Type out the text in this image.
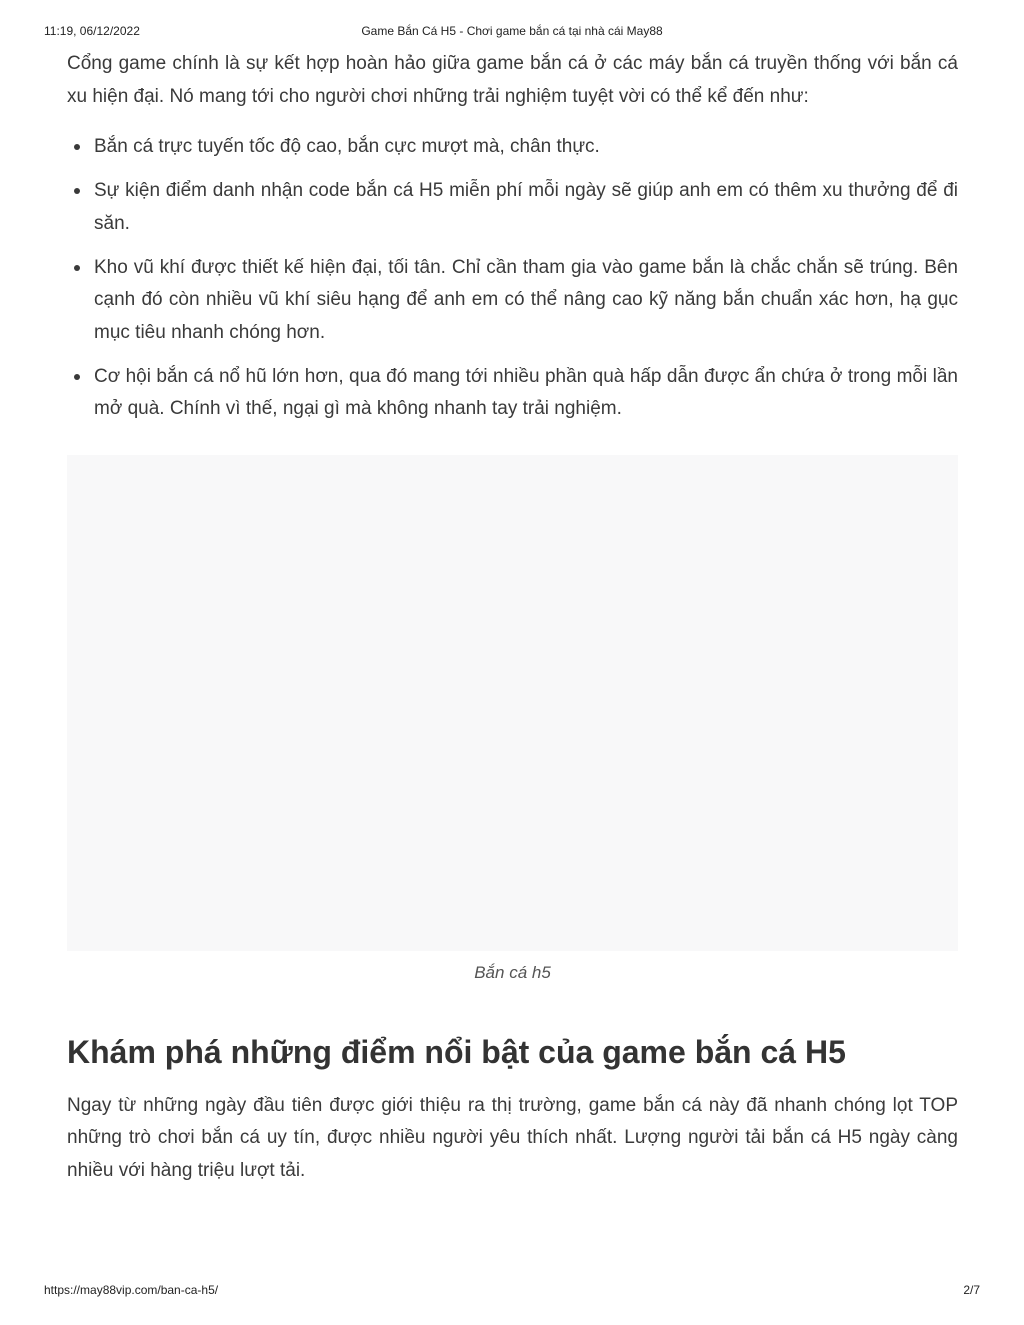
11:19, 06/12/2022	Game Bắn Cá H5 - Chơi game bắn cá tại nhà cái May88

Cổng game chính là sự kết hợp hoàn hảo giữa game bắn cá ở các máy bắn cá truyền thống với bắn cá xu hiện đại. Nó mang tới cho người chơi những trải nghiệm tuyệt vời có thể kể đến như:

Bắn cá trực tuyến tốc độ cao, bắn cực mượt mà, chân thực.
Sự kiện điểm danh nhận code bắn cá H5 miễn phí mỗi ngày sẽ giúp anh em có thêm xu thưởng để đi săn.
Kho vũ khí được thiết kế hiện đại, tối tân. Chỉ cần tham gia vào game bắn là chắc chắn sẽ trúng. Bên cạnh đó còn nhiều vũ khí siêu hạng để anh em có thể nâng cao kỹ năng bắn chuẩn xác hơn, hạ gục mục tiêu nhanh chóng hơn.
Cơ hội bắn cá nổ hũ lớn hơn, qua đó mang tới nhiều phần quà hấp dẫn được ẩn chứa ở trong mỗi lần mở quà. Chính vì thế, ngại gì mà không nhanh tay trải nghiệm.
Bắn cá h5
Khám phá những điểm nổi bật của game bắn cá H5

Ngay từ những ngày đầu tiên được giới thiệu ra thị trường, game bắn cá này đã nhanh chóng lọt TOP những trò chơi bắn cá uy tín, được nhiều người yêu thích nhất. Lượng người tải bắn cá H5 ngày càng nhiều với hàng triệu lượt tải.

https://may88vip.com/ban-ca-h5/	2/7
